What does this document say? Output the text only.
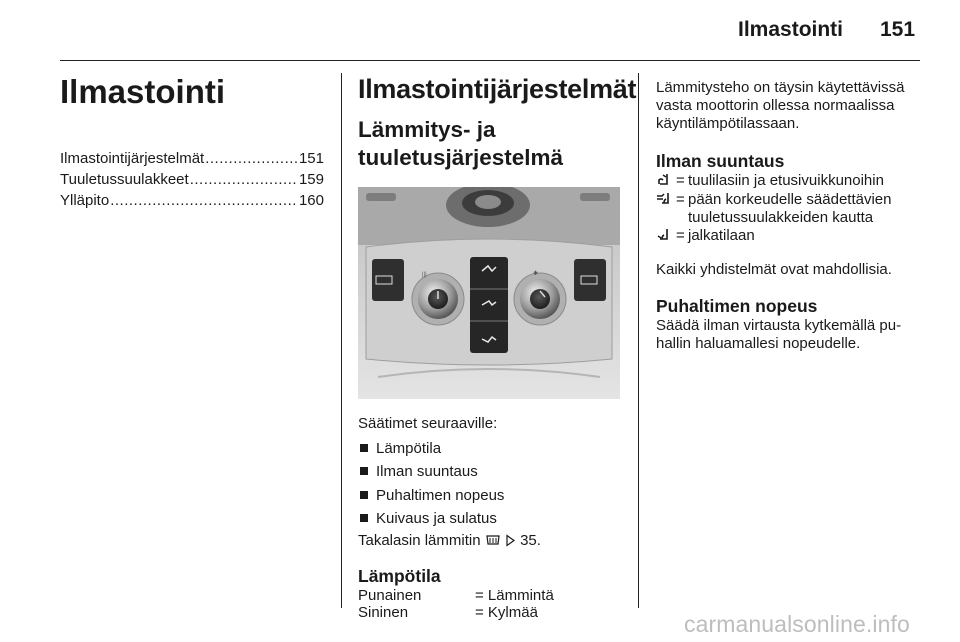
Ilmastointi 151
Ilmastointi
Ilmastointijärjestelmät .....	151
Tuuletussuulakkeet .....	159
Ylläpito .....	160
Ilmastointijärjestelmät
Lämmitys- ja
tuuletusjärjestelmä
|||	✱

Säätimet seuraaville:

Lämpötila
Ilman suuntaus
Puhaltimen nopeus
Kuivaus ja sulatus
Takalasin lämmitin	35.
Lämpötila
Punainen	= Lämmintä
Sininen	= Kylmää

Lämmitysteho on täysin käytettävissä
vasta moottorin ollessa normaalissa
käyntilämpötilassaan.

Ilman suuntaus
= tuulilasiin ja etusivuikkunoihin
= pään korkeudelle säädettävien
tuuletussuulakkeiden kautta
= jalkatilaan

Kaikki yhdistelmät ovat mahdollisia.

Puhaltimen nopeus

Säädä ilman virtausta kytkemällä pu-
hallin haluamallesi nopeudelle.

carmanualsonline.info
